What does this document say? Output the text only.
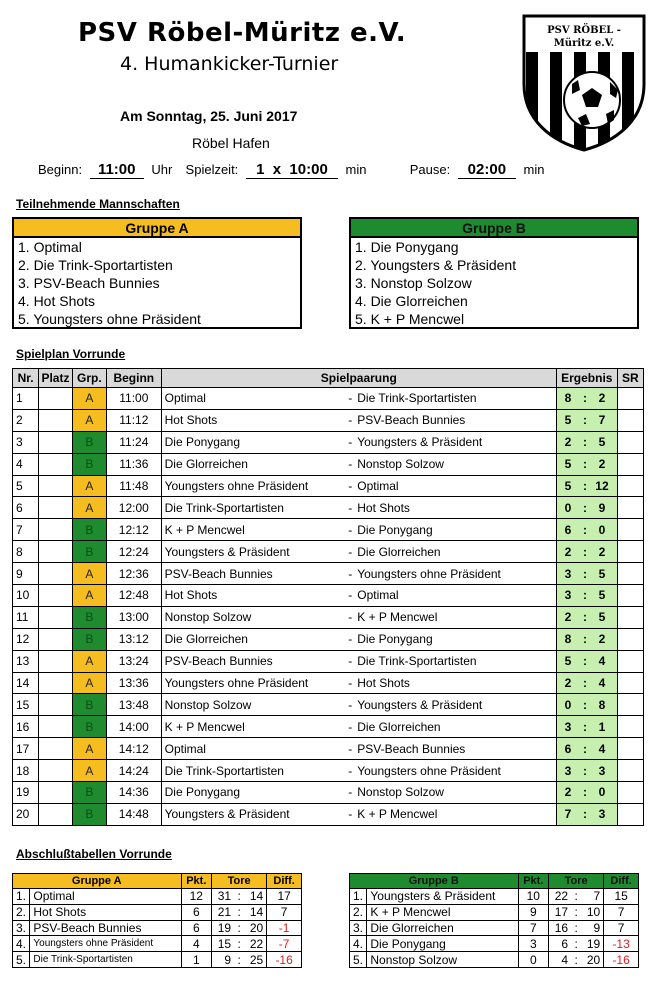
PSV Röbel-Müritz e.V.
4. Humankicker-Turnier
PSV RÖBEL -
Müritz e.V.
Am Sonntag, 25. Juni 2017
Röbel Hafen
Beginn: 11:00 Uhr Spielzeit: 1  x  10:00 min	Pause: 02:00 min
Teilnehmende Mannschaften
Gruppe A
1. Optimal
2. Die Trink-Sportartisten
3. PSV-Beach Bunnies
4. Hot Shots
5. Youngsters ohne Präsident
Gruppe B
1. Die Ponygang
2. Youngsters & Präsident
3. Nonstop Solzow
4. Die Glorreichen
5. K + P Mencwel
Spielplan Vorrunde
Nr.	Platz	Grp.	Beginn	Spielpaarung			Ergebnis	SR
1		A	11:00	Optimal	-	Die Trink-Sportartisten	8 : 2	
2		A	11:12	Hot Shots	-	PSV-Beach Bunnies	5 : 7	
3		B	11:24	Die Ponygang	-	Youngsters & Präsident	2 : 5	
4		B	11:36	Die Glorreichen	-	Nonstop Solzow	5 : 2	
5		A	11:48	Youngsters ohne Präsident	-	Optimal	5 : 12	
6		A	12:00	Die Trink-Sportartisten	-	Hot Shots	0 : 9	
7		B	12:12	K + P Mencwel	-	Die Ponygang	6 : 0	
8		B	12:24	Youngsters & Präsident	-	Die Glorreichen	2 : 2	
9		A	12:36	PSV-Beach Bunnies	-	Youngsters ohne Präsident	3 : 5	
10		A	12:48	Hot Shots	-	Optimal	3 : 5	
11		B	13:00	Nonstop Solzow	-	K + P Mencwel	2 : 5	
12		B	13:12	Die Glorreichen	-	Die Ponygang	8 : 2	
13		A	13:24	PSV-Beach Bunnies	-	Die Trink-Sportartisten	5 : 4	
14		A	13:36	Youngsters ohne Präsident	-	Hot Shots	2 : 4	
15		B	13:48	Nonstop Solzow	-	Youngsters & Präsident	0 : 8	
16		B	14:00	K + P Mencwel	-	Die Glorreichen	3 : 1	
17		A	14:12	Optimal	-	PSV-Beach Bunnies	6 : 4	
18		A	14:24	Die Trink-Sportartisten	-	Youngsters ohne Präsident	3 : 3	
19		B	14:36	Die Ponygang	-	Nonstop Solzow	2 : 0	
20		B	14:48	Youngsters & Präsident	-	K + P Mencwel	7 : 3	
Abschlußtabellen Vorrunde
Gruppe A		Pkt.	Tore			Diff.
1.	Optimal	12	31	:	14	17
2.	Hot Shots	6	21	:	14	7
3.	PSV-Beach Bunnies	6	19	:	20	-1
4.	Youngsters ohne Präsident	4	15	:	22	-7
5.	Die Trink-Sportartisten	1	9	:	25	-16
Gruppe B		Pkt.	Tore			Diff.
1.	Youngsters & Präsident	10	22	:	7	15
2.	K + P Mencwel	9	17	:	10	7
3.	Die Glorreichen	7	16	:	9	7
4.	Die Ponygang	3	6	:	19	-13
5.	Nonstop Solzow	0	4	:	20	-16
